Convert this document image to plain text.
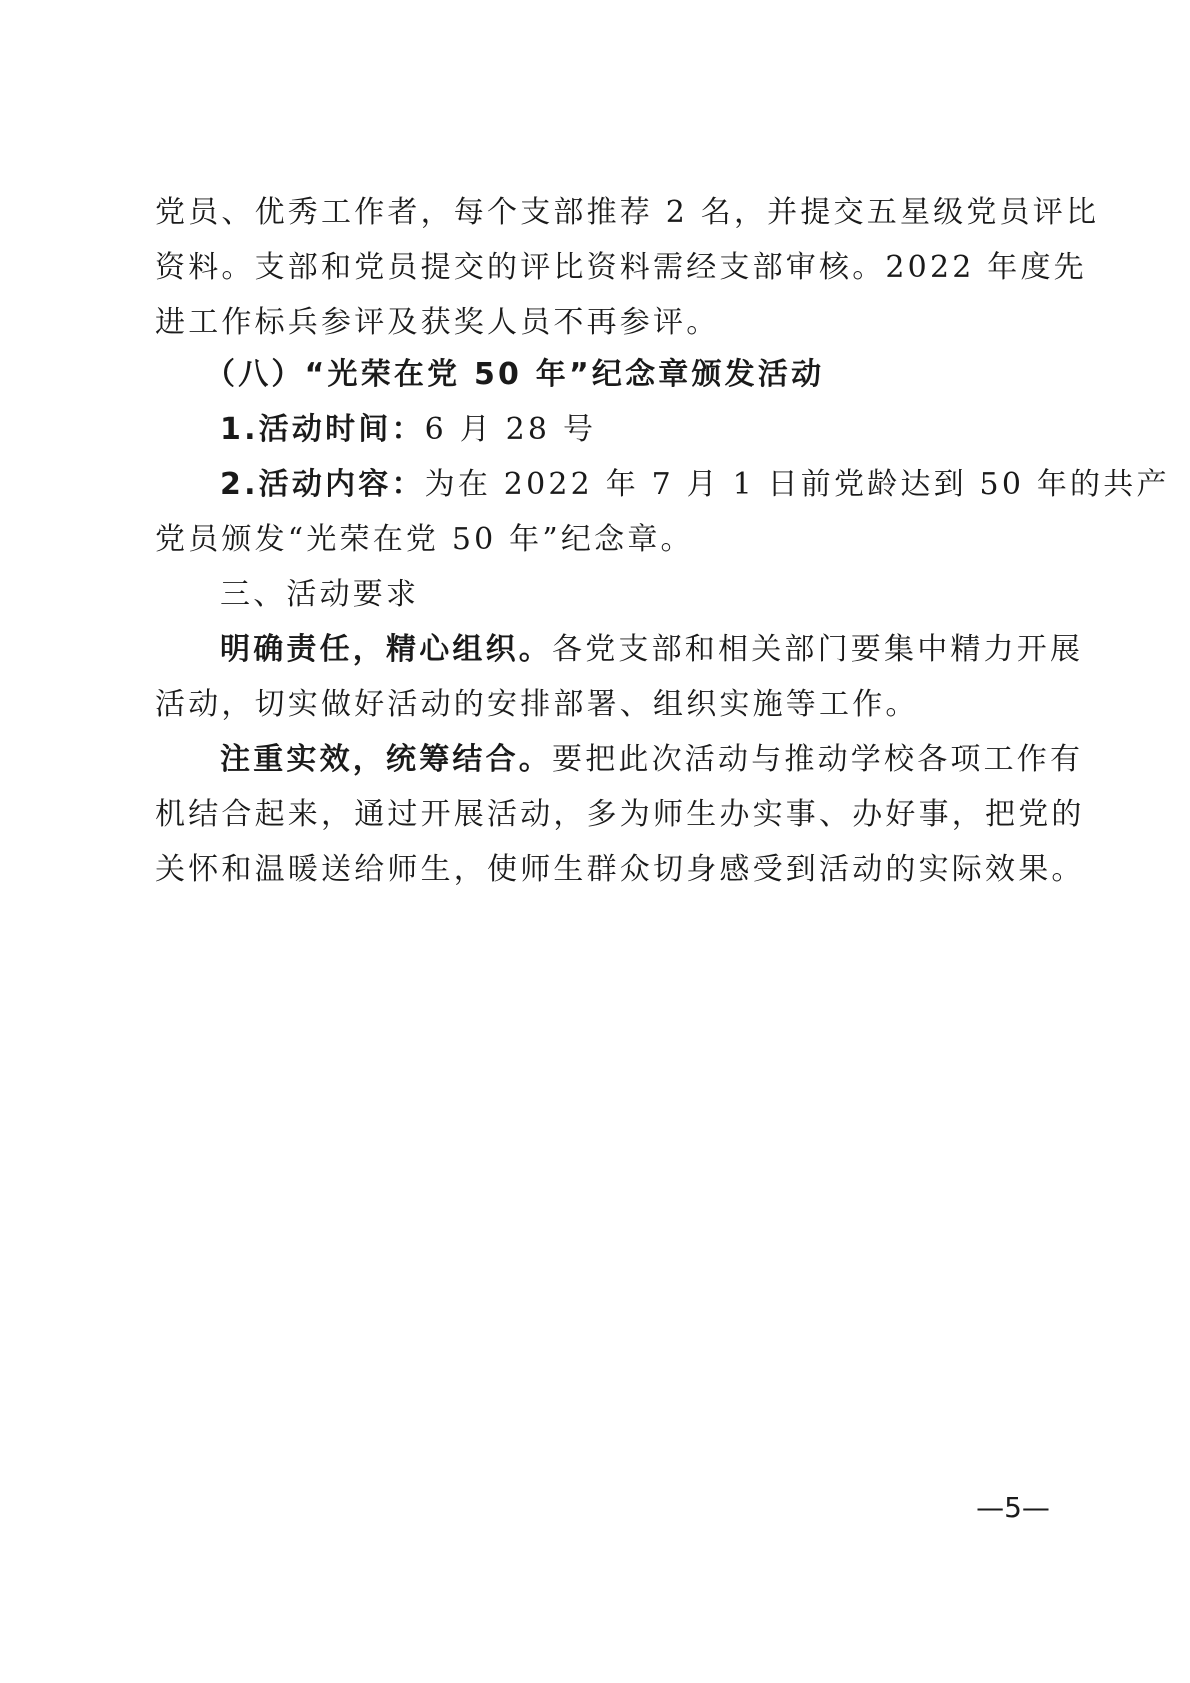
党员、优秀工作者，每个支部推荐 2 名，并提交五星级党员评比
资料。支部和党员提交的评比资料需经支部审核。2022 年度先
进工作标兵参评及获奖人员不再参评。
（八）“光荣在党 50 年”纪念章颁发活动
1.活动时间：6 月 28 号
2.活动内容：为在 2022 年 7 月 1 日前党龄达到 50 年的共产
党员颁发“光荣在党 50 年”纪念章。
三、活动要求
明确责任，精心组织。各党支部和相关部门要集中精力开展
活动，切实做好活动的安排部署、组织实施等工作。
注重实效，统筹结合。要把此次活动与推动学校各项工作有
机结合起来，通过开展活动，多为师生办实事、办好事，把党的
关怀和温暖送给师生，使师生群众切身感受到活动的实际效果。
—5—
